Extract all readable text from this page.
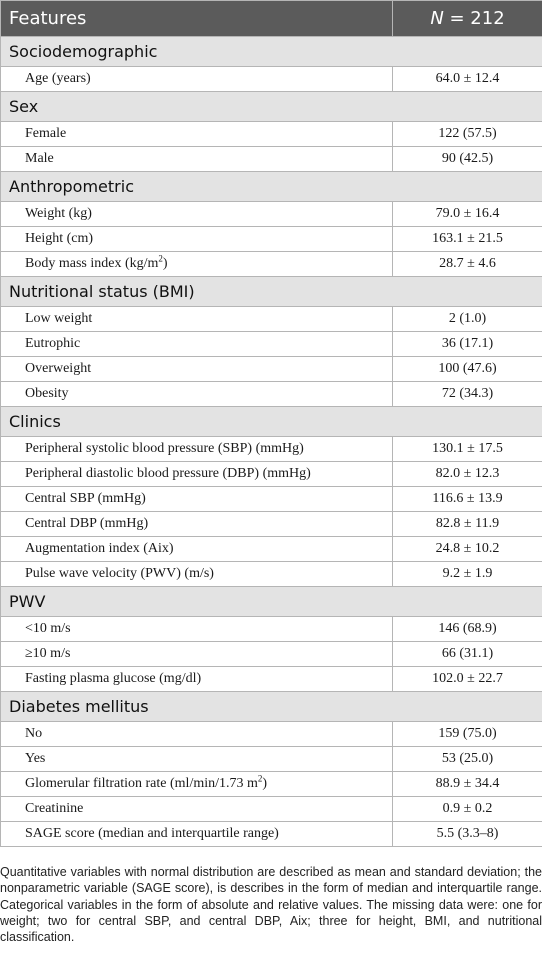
Features	N = 212
Sociodemographic	
Age (years)	64.0 ± 12.4
Sex	
Female	122 (57.5)
Male	90 (42.5)
Anthropometric	
Weight (kg)	79.0 ± 16.4
Height (cm)	163.1 ± 21.5
Body mass index $(kg/m^2)$	28.7 ± 4.6
Nutritional status (BMI)	
Low weight	2 (1.0)
Eutrophic	36 (17.1)
Overweight	100 (47.6)
Obesity	72 (34.3)
Clinics	
Peripheral systolic blood pressure (SBP) (mmHg)	130.1 ± 17.5
Peripheral diastolic blood pressure (DBP) (mmHg)	82.0 ± 12.3
Central SBP (mmHg)	116.6 ± 13.9
Central DBP (mmHg)	82.8 ± 11.9
Augmentation index (Aix)	24.8 ± 10.2
Pulse wave velocity (PWV) (m/s)	9.2 ± 1.9
PWV	
<10 m/s	146 (68.9)
≥10 m/s	66 (31.1)
Fasting plasma glucose (mg/dl)	102.0 ± 22.7
Diabetes mellitus	
No	159 (75.0)
Yes	53 (25.0)
Glomerular filtration rate (ml/min/1.73 $m^2$)	88.9 ± 34.4
Creatinine	0.9 ± 0.2
SAGE score (median and interquartile range)	5.5 (3.3–8)

Quantitative variables with normal distribution are described as mean and standard deviation; the nonparametric variable (SAGE score), is describes in the form of median and interquartile range. Categorical variables in the form of absolute and relative values. The missing data were: one for weight; two for central SBP, and central DBP, Aix; three for height, BMI, and nutritional classification.
